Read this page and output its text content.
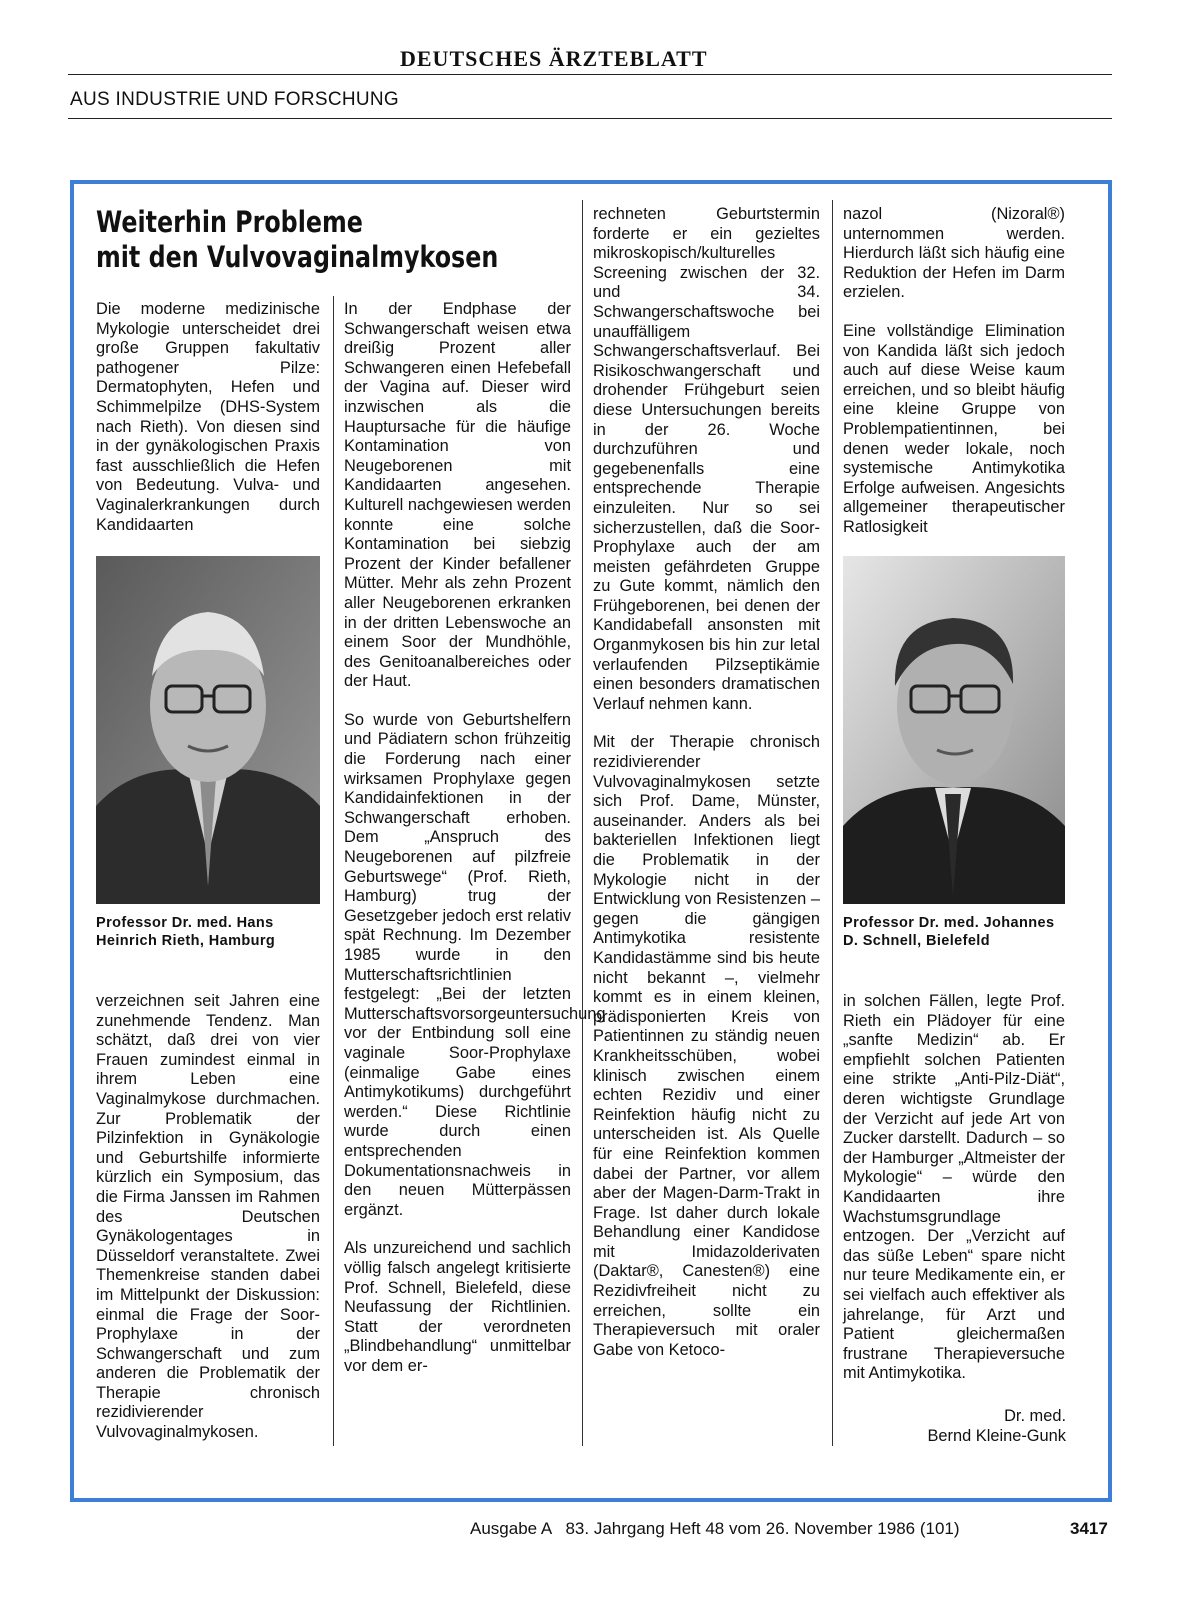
DEUTSCHES ÄRZTEBLATT
AUS INDUSTRIE UND FORSCHUNG
Weiterhin Probleme
mit den Vulvovaginalmykosen

Die moderne medizinische Mykologie unterscheidet drei große Gruppen fakultativ pathogener Pilze: Dermatophyten, Hefen und Schimmelpilze (DHS-System nach Rieth). Von diesen sind in der gynäkologischen Praxis fast ausschließlich die Hefen von Bedeutung. Vulva- und Vaginalerkrankungen durch Kandidaarten

Professor Dr. med. Hans Heinrich Rieth, Hamburg

verzeichnen seit Jahren eine zunehmende Tendenz. Man schätzt, daß drei von vier Frauen zumindest einmal in ihrem Leben eine Vaginalmykose durchmachen. Zur Problematik der Pilzinfektion in Gynäkologie und Geburtshilfe informierte kürzlich ein Symposium, das die Firma Janssen im Rahmen des Deutschen Gynäkologentages in Düsseldorf veranstaltete. Zwei Themenkreise standen dabei im Mittelpunkt der Diskussion: einmal die Frage der Soor-Prophylaxe in der Schwangerschaft und zum anderen die Problematik der Therapie chronisch rezidivierender Vulvovaginalmykosen.

In der Endphase der Schwangerschaft weisen etwa dreißig Prozent aller Schwangeren einen Hefebefall der Vagina auf. Dieser wird inzwischen als die Hauptursache für die häufige Kontamination von Neugeborenen mit Kandidaarten angesehen. Kulturell nachgewiesen werden konnte eine solche Kontamination bei siebzig Prozent der Kinder befallener Mütter. Mehr als zehn Prozent aller Neugeborenen erkranken in der dritten Lebenswoche an einem Soor der Mundhöhle, des Genitoanalbereiches oder der Haut.

So wurde von Geburtshelfern und Pädiatern schon frühzeitig die Forderung nach einer wirksamen Prophylaxe gegen Kandidainfektionen in der Schwangerschaft erhoben. Dem „Anspruch des Neugeborenen auf pilzfreie Geburtswege“ (Prof. Rieth, Hamburg) trug der Gesetzgeber jedoch erst relativ spät Rechnung. Im Dezember 1985 wurde in den Mutterschaftsrichtlinien festgelegt: „Bei der letzten Mutterschaftsvorsorgeuntersuchung vor der Entbindung soll eine vaginale Soor-Prophylaxe (einmalige Gabe eines Antimykotikums) durchgeführt werden.“ Diese Richtlinie wurde durch einen entsprechenden Dokumentationsnachweis in den neuen Mütterpässen ergänzt.

Als unzureichend und sachlich völlig falsch angelegt kritisierte Prof. Schnell, Bielefeld, diese Neufassung der Richtlinien. Statt der verordneten „Blindbehandlung“ unmittelbar vor dem er-

rechneten Geburtstermin forderte er ein gezieltes mikroskopisch/kulturelles Screening zwischen der 32. und 34. Schwangerschaftswoche bei unauffälligem Schwangerschaftsverlauf. Bei Risikoschwangerschaft und drohender Frühgeburt seien diese Untersuchungen bereits in der 26. Woche durchzuführen und gegebenenfalls eine entsprechende Therapie einzuleiten. Nur so sei sicherzustellen, daß die Soor-Prophylaxe auch der am meisten gefährdeten Gruppe zu Gute kommt, nämlich den Frühgeborenen, bei denen der Kandidabefall ansonsten mit Organmykosen bis hin zur letal verlaufenden Pilzseptikämie einen besonders dramatischen Verlauf nehmen kann.

Mit der Therapie chronisch rezidivierender Vulvovaginalmykosen setzte sich Prof. Dame, Münster, auseinander. Anders als bei bakteriellen Infektionen liegt die Problematik in der Mykologie nicht in der Entwicklung von Resistenzen – gegen die gängigen Antimykotika resistente Kandidastämme sind bis heute nicht bekannt –, vielmehr kommt es in einem kleinen, prädisponierten Kreis von Patientinnen zu ständig neuen Krankheitsschüben, wobei klinisch zwischen einem echten Rezidiv und einer Reinfektion häufig nicht zu unterscheiden ist. Als Quelle für eine Reinfektion kommen dabei der Partner, vor allem aber der Magen-Darm-Trakt in Frage. Ist daher durch lokale Behandlung einer Kandidose mit Imidazolderivaten (Daktar®, Canesten®) eine Rezidivfreiheit nicht zu erreichen, sollte ein Therapieversuch mit oraler Gabe von Ketoco-

nazol (Nizoral®) unternommen werden. Hierdurch läßt sich häufig eine Reduktion der Hefen im Darm erzielen.

Eine vollständige Elimination von Kandida läßt sich jedoch auch auf diese Weise kaum erreichen, und so bleibt häufig eine kleine Gruppe von Problempatientinnen, bei denen weder lokale, noch systemische Antimykotika Erfolge aufweisen. Angesichts allgemeiner therapeutischer Ratlosigkeit

Professor Dr. med. Johannes D. Schnell, Bielefeld

in solchen Fällen, legte Prof. Rieth ein Plädoyer für eine „sanfte Medizin“ ab. Er empfiehlt solchen Patienten eine strikte „Anti-Pilz-Diät“, deren wichtigste Grundlage der Verzicht auf jede Art von Zucker darstellt. Dadurch – so der Hamburger „Altmeister der Mykologie“ – würde den Kandidaarten ihre Wachstumsgrundlage entzogen. Der „Verzicht auf das süße Leben“ spare nicht nur teure Medikamente ein, er sei vielfach auch effektiver als jahrelange, für Arzt und Patient gleichermaßen frustrane Therapieversuche mit Antimykotika.

Dr. med.
Bernd Kleine-Gunk
Ausgabe A   83. Jahrgang Heft 48 vom 26. November 1986 (101)	3417
